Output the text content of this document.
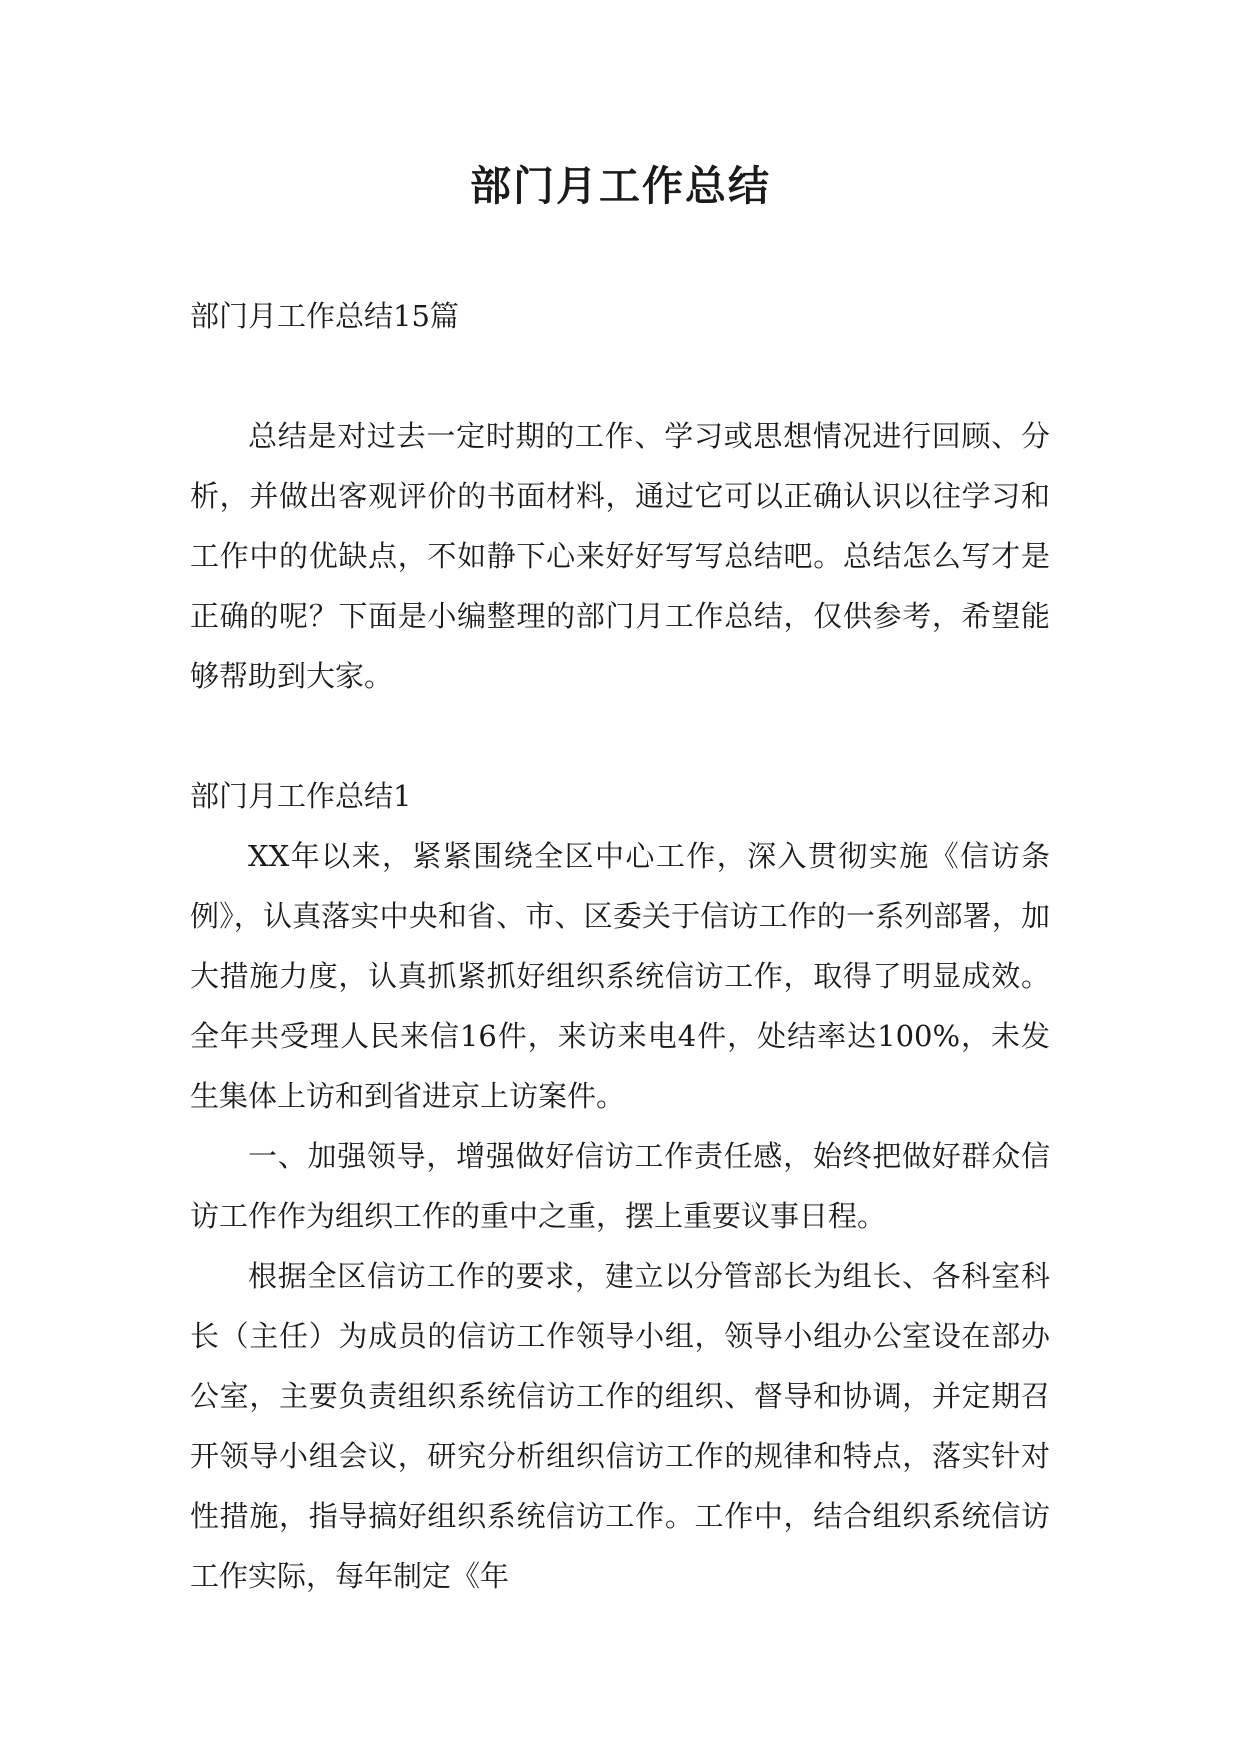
部门月工作总结
部门月工作总结15篇

总结是对过去一定时期的工作、学习或思想情况进行回顾、分析，并做出客观评价的书面材料，通过它可以正确认识以往学习和工作中的优缺点，不如静下心来好好写写总结吧。总结怎么写才是正确的呢？下面是小编整理的部门月工作总结，仅供参考，希望能够帮助到大家。

部门月工作总结1

XX年以来，紧紧围绕全区中心工作，深入贯彻实施《信访条例》，认真落实中央和省、市、区委关于信访工作的一系列部署，加大措施力度，认真抓紧抓好组织系统信访工作，取得了明显成效。全年共受理人民来信16件，来访来电4件，处结率达100%，未发生集体上访和到省进京上访案件。

一、加强领导，增强做好信访工作责任感，始终把做好群众信访工作作为组织工作的重中之重，摆上重要议事日程。

根据全区信访工作的要求，建立以分管部长为组长、各科室科长（主任）为成员的信访工作领导小组，领导小组办公室设在部办公室，主要负责组织系统信访工作的组织、督导和协调，并定期召开领导小组会议，研究分析组织信访工作的规律和特点，落实针对性措施，指导搞好组织系统信访工作。工作中，结合组织系统信访工作实际，每年制定《年
